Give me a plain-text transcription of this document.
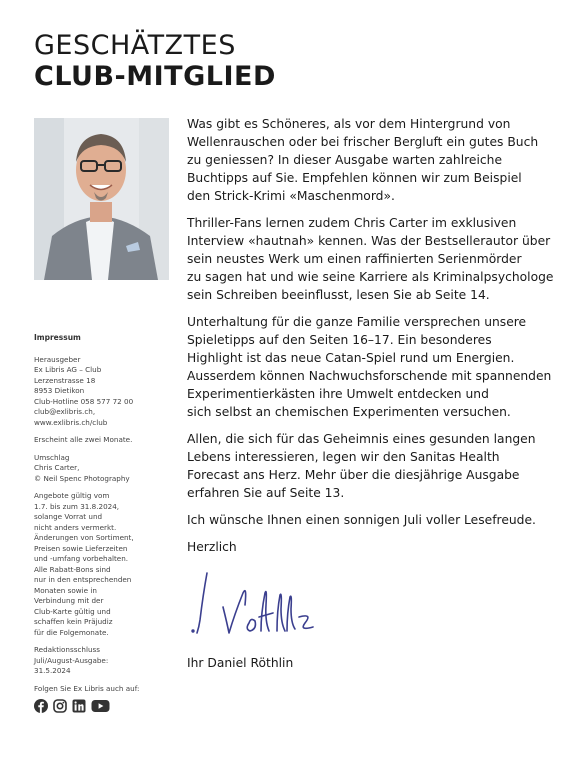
GESCHÄTZTES
CLUB-MITGLIED
Impressum
Herausgeber
Ex Libris AG – Club
Lerzenstrasse 18
8953 Dietikon
Club-Hotline 058 577 72 00
club@exlibris.ch,
www.exlibris.ch/club
Erscheint alle zwei Monate.
Umschlag
Chris Carter,
© Neil Spenc Photography
Angebote gültig vom
1.7. bis zum 31.8.2024,
solange Vorrat und
nicht anders vermerkt.
Änderungen von Sortiment,
Preisen sowie Lieferzeiten
und -umfang vorbehalten.
Alle Rabatt-Bons sind
nur in den entsprechenden
Monaten sowie in
Verbindung mit der
Club-Karte gültig und
schaffen kein Präjudiz
für die Folgemonate.
Redaktionsschluss
Juli/August-Ausgabe:
31.5.2024
Folgen Sie Ex Libris auch auf:

Was gibt es Schöneres, als vor dem Hintergrund von
Wellenrauschen oder bei frischer Bergluft ein gutes Buch
zu geniessen? In dieser Ausgabe warten zahlreiche
Buchtipps auf Sie. Empfehlen können wir zum Beispiel
den Strick-Krimi «Maschenmord».

Thriller-Fans lernen zudem Chris Carter im exklusiven
Interview «hautnah» kennen. Was der Bestsellerautor über
sein neustes Werk um einen raffinierten Serienmörder
zu sagen hat und wie seine Karriere als Kriminalpsychologe
sein Schreiben beeinflusst, lesen Sie ab Seite 14.

Unterhaltung für die ganze Familie versprechen unsere
Spieletipps auf den Seiten 16–17. Ein besonderes
Highlight ist das neue Catan-Spiel rund um Energien.
Ausserdem können Nachwuchsforschende mit spannenden
Experimentierkästen ihre Umwelt entdecken und
sich selbst an chemischen Experimenten versuchen.

Allen, die sich für das Geheimnis eines gesunden langen
Lebens interessieren, legen wir den Sanitas Health
Forecast ans Herz. Mehr über die diesjährige Ausgabe
erfahren Sie auf Seite 13.

Ich wünsche Ihnen einen sonnigen Juli voller Lesefreude.

Herzlich

Ihr Daniel Röthlin
